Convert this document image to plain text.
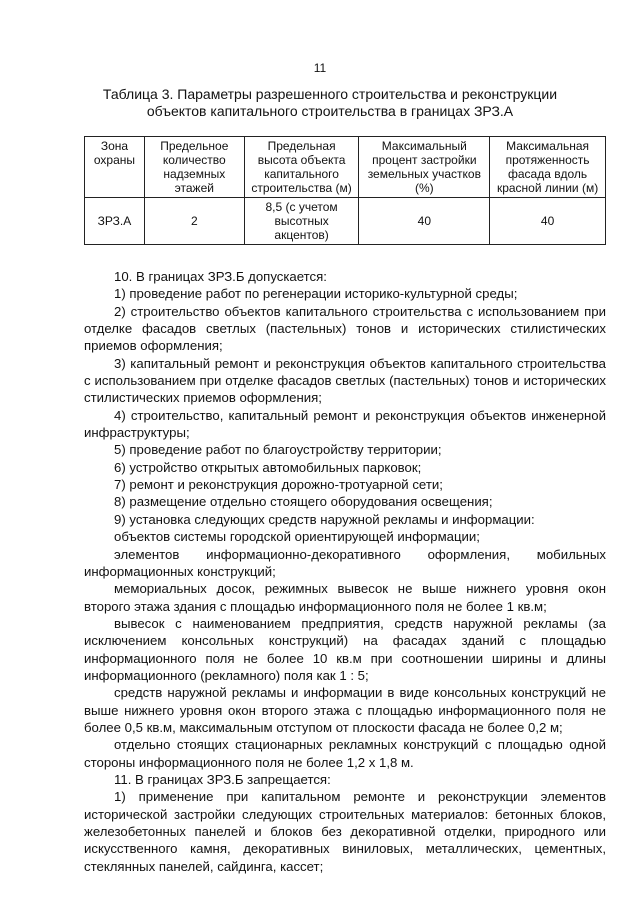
11
Таблица 3. Параметры разрешенного строительства и реконструкции
объектов капитального строительства в границах ЗРЗ.А
Зона охраны	Предельное количество надземных этажей	Предельная высота объекта капитального строительства (м)	Максимальный процент застройки земельных участков (%)	Максимальная протяженность фасада вдоль красной линии (м)
ЗРЗ.А	2	8,5 (с учетом высотных акцентов)	40	40

10. В границах ЗРЗ.Б допускается:

1) проведение работ по регенерации историко-культурной среды;

2) строительство объектов капитального строительства с использованием при отделке фасадов светлых (пастельных) тонов и исторических стилистических приемов оформления;

3) капитальный ремонт и реконструкция объектов капитального строительства с использованием при отделке фасадов светлых (пастельных) тонов и исторических стилистических приемов оформления;

4) строительство, капитальный ремонт и реконструкция объектов инженерной инфраструктуры;

5) проведение работ по благоустройству территории;

6) устройство открытых автомобильных парковок;

7) ремонт и реконструкция дорожно-тротуарной сети;

8) размещение отдельно стоящего оборудования освещения;

9) установка следующих средств наружной рекламы и информации:

объектов системы городской ориентирующей информации;

элементов информационно-декоративного оформления, мобильных информационных конструкций;

мемориальных досок, режимных вывесок не выше нижнего уровня окон второго этажа здания с площадью информационного поля не более 1 кв.м;

вывесок с наименованием предприятия, средств наружной рекламы (за исключением консольных конструкций) на фасадах зданий с площадью информационного поля не более 10 кв.м при соотношении ширины и длины информационного (рекламного) поля как 1 : 5;

средств наружной рекламы и информации в виде консольных конструкций не выше нижнего уровня окон второго этажа с площадью информационного поля не более 0,5 кв.м, максимальным отступом от плоскости фасада не более 0,2 м;

отдельно стоящих стационарных рекламных конструкций с площадью одной стороны информационного поля не более 1,2 х 1,8 м.

11. В границах ЗРЗ.Б запрещается:

1) применение при капитальном ремонте и реконструкции элементов исторической застройки следующих строительных материалов: бетонных блоков, железобетонных панелей и блоков без декоративной отделки, природного или искусственного камня, декоративных виниловых, металлических, цементных, стеклянных панелей, сайдинга, кассет;
